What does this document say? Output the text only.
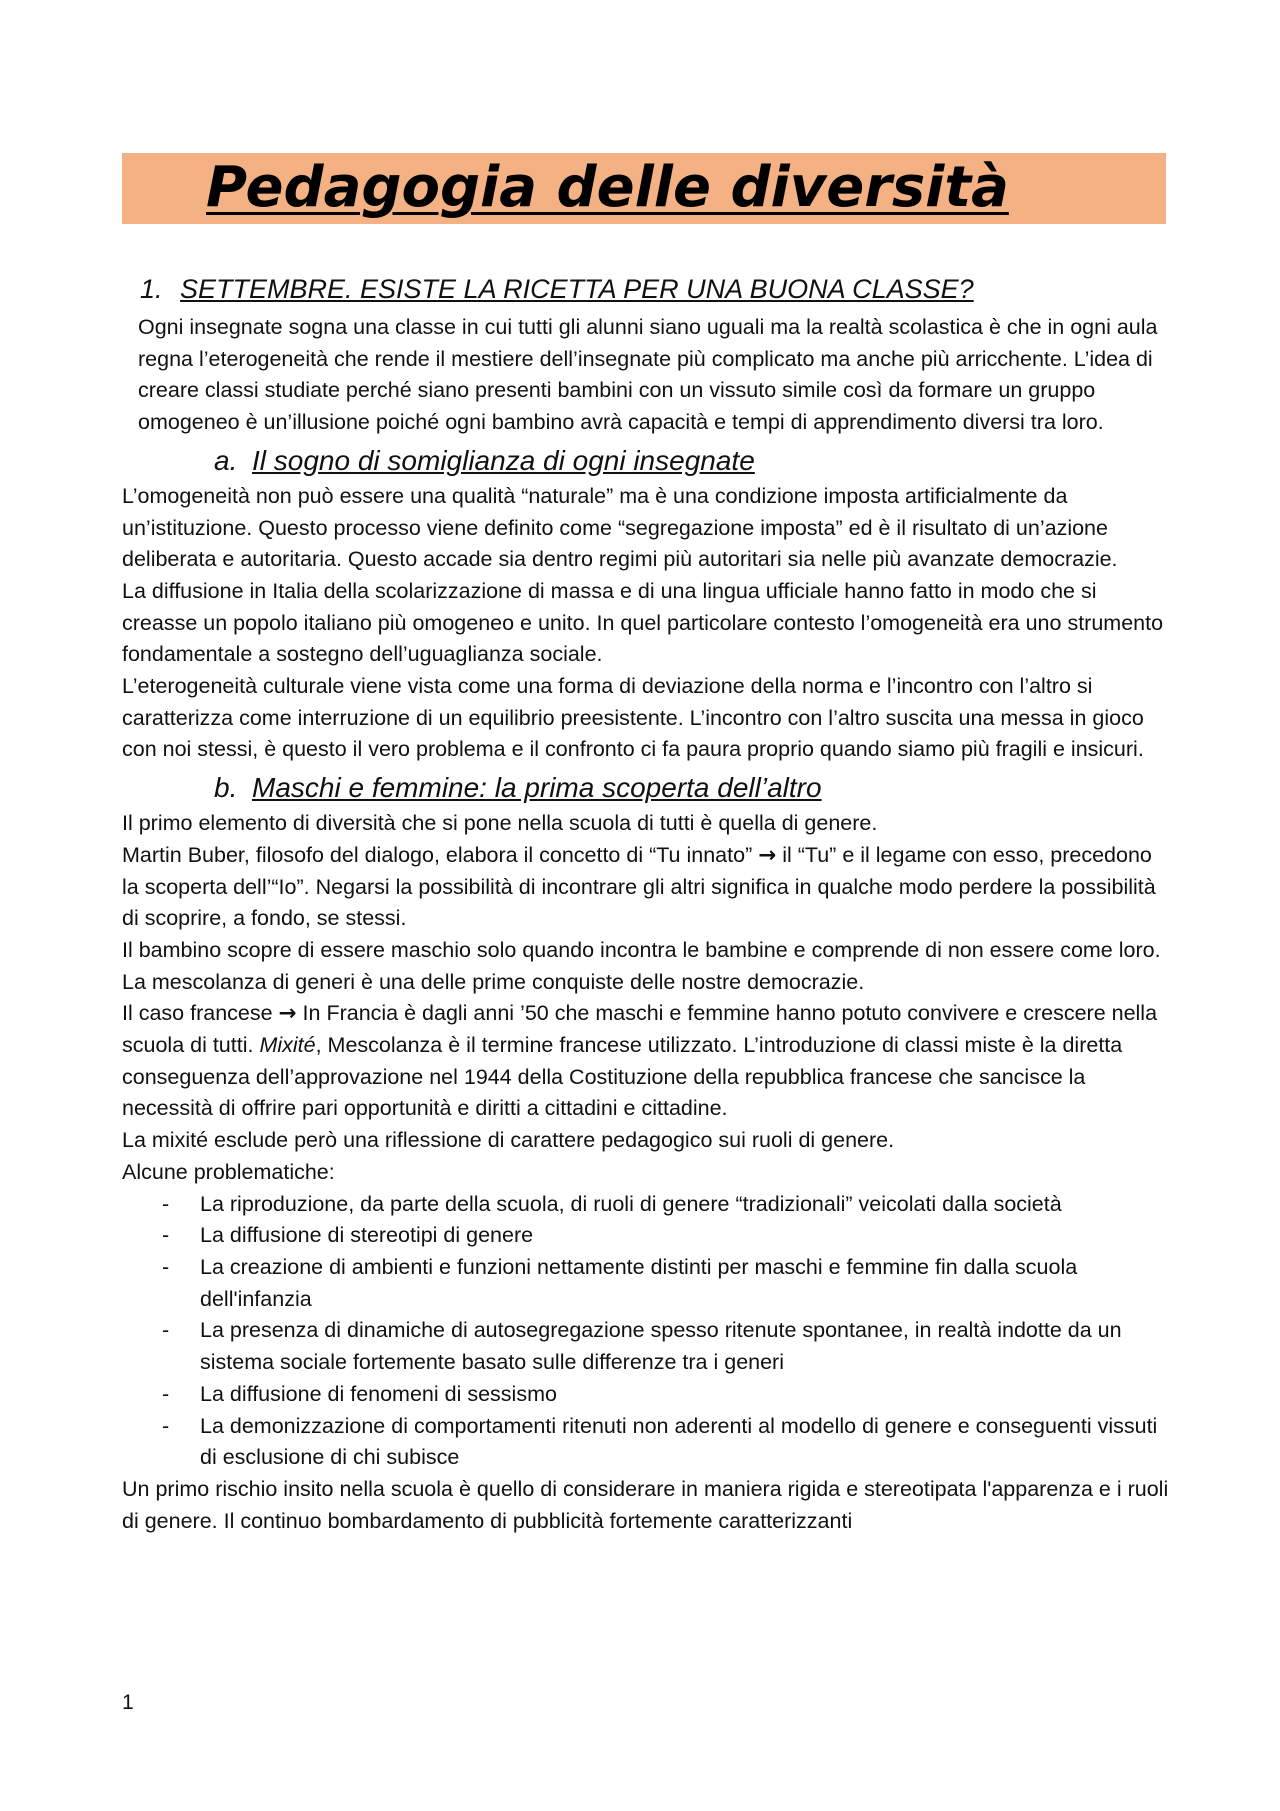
Pedagogia delle diversità
1. SETTEMBRE. ESISTE LA RICETTA PER UNA BUONA CLASSE?

Ogni insegnate sogna una classe in cui tutti gli alunni siano uguali ma la realtà scolastica è che in ogni aula regna l’eterogeneità che rende il mestiere dell’insegnate più complicato ma anche più arricchente. L’idea di creare classi studiate perché siano presenti bambini con un vissuto simile così da formare un gruppo omogeneo è un’illusione poiché ogni bambino avrà capacità e tempi di apprendimento diversi tra loro.

a. Il sogno di somiglianza di ogni insegnate

L’omogeneità non può essere una qualità “naturale” ma è una condizione imposta artificialmente da un’istituzione. Questo processo viene definito come “segregazione imposta” ed è il risultato di un’azione deliberata e autoritaria. Questo accade sia dentro regimi più autoritari sia nelle più avanzate democrazie.

La diffusione in Italia della scolarizzazione di massa e di una lingua ufficiale hanno fatto in modo che si creasse un popolo italiano più omogeneo e unito. In quel particolare contesto l’omogeneità era uno strumento fondamentale a sostegno dell’uguaglianza sociale.

L’eterogeneità culturale viene vista come una forma di deviazione della norma e l’incontro con l’altro si caratterizza come interruzione di un equilibrio preesistente. L’incontro con l’altro suscita una messa in gioco con noi stessi, è questo il vero problema e il confronto ci fa paura proprio quando siamo più fragili e insicuri.

b. Maschi e femmine: la prima scoperta dell’altro

Il primo elemento di diversità che si pone nella scuola di tutti è quella di genere.

Martin Buber, filosofo del dialogo, elabora il concetto di “Tu innato” → il “Tu” e il legame con esso, precedono la scoperta dell’“Io”. Negarsi la possibilità di incontrare gli altri significa in qualche modo perdere la possibilità di scoprire, a fondo, se stessi.

Il bambino scopre di essere maschio solo quando incontra le bambine e comprende di non essere come loro.

La mescolanza di generi è una delle prime conquiste delle nostre democrazie.

Il caso francese → In Francia è dagli anni ’50 che maschi e femmine hanno potuto convivere e crescere nella scuola di tutti. Mixité, Mescolanza è il termine francese utilizzato. L’introduzione di classi miste è la diretta conseguenza dell’approvazione nel 1944 della Costituzione della repubblica francese che sancisce la necessità di offrire pari opportunità e diritti a cittadini e cittadine.

La mixité esclude però una riflessione di carattere pedagogico sui ruoli di genere.

Alcune problematiche:

- La riproduzione, da parte della scuola, di ruoli di genere “tradizionali” veicolati dalla società
- La diffusione di stereotipi di genere
- La creazione di ambienti e funzioni nettamente distinti per maschi e femmine fin dalla scuola dell'infanzia
- La presenza di dinamiche di autosegregazione spesso ritenute spontanee, in realtà indotte da un sistema sociale fortemente basato sulle differenze tra i generi
- La diffusione di fenomeni di sessismo
- La demonizzazione di comportamenti ritenuti non aderenti al modello di genere e conseguenti vissuti di esclusione di chi subisce

Un primo rischio insito nella scuola è quello di considerare in maniera rigida e stereotipata l'apparenza e i ruoli di genere. Il continuo bombardamento di pubblicità fortemente caratterizzanti

1
